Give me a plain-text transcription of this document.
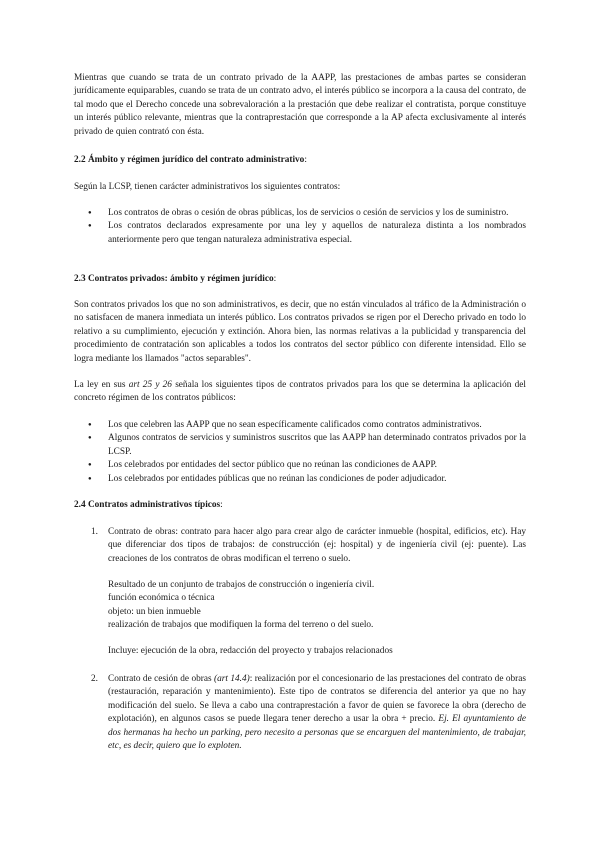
Mientras que cuando se trata de un contrato privado de la AAPP, las prestaciones de ambas partes se consideran jurídicamente equiparables, cuando se trata de un contrato advo, el interés público se incorpora a la causa del contrato, de tal modo que el Derecho concede una sobrevaloración a la prestación que debe realizar el contratista, porque constituye un interés público relevante, mientras que la contraprestación que corresponde a la AP afecta exclusivamente al interés privado de quien contrató con ésta.

2.2 Ámbito y régimen jurídico del contrato administrativo:

Según la LCSP, tienen carácter administrativos los siguientes contratos:

● Los contratos de obras o cesión de obras públicas, los de servicios o cesión de servicios y los de suministro.
● Los contratos declarados expresamente por una ley y aquellos de naturaleza distinta a los nombrados anteriormente pero que tengan naturaleza administrativa especial.

2.3 Contratos privados: ámbito y régimen jurídico:

Son contratos privados los que no son administrativos, es decir, que no están vinculados al tráfico de la Administración o no satisfacen de manera inmediata un interés público. Los contratos privados se rigen por el Derecho privado en todo lo relativo a su cumplimiento, ejecución y extinción. Ahora bien, las normas relativas a la publicidad y transparencia del procedimiento de contratación son aplicables a todos los contratos del sector público con diferente intensidad. Ello se logra mediante los llamados "actos separables".

La ley en sus art 25 y 26 señala los siguientes tipos de contratos privados para los que se determina la aplicación del concreto régimen de los contratos públicos:

● Los que celebren las AAPP que no sean específicamente calificados como contratos administrativos.
● Algunos contratos de servicios y suministros suscritos que las AAPP han determinado contratos privados por la LCSP.
● Los celebrados por entidades del sector público que no reúnan las condiciones de AAPP.
● Los celebrados por entidades públicas que no reúnan las condiciones de poder adjudicador.

2.4 Contratos administrativos típicos:

1. Contrato de obras: contrato para hacer algo para crear algo de carácter inmueble (hospital, edificios, etc). Hay que diferenciar dos tipos de trabajos: de construcción (ej: hospital) y de ingeniería civil (ej: puente). Las creaciones de los contratos de obras modifican el terreno o suelo.

Resultado de un conjunto de trabajos de construcción o ingeniería civil.
función económica o técnica
objeto: un bien inmueble
realización de trabajos que modifiquen la forma del terreno o del suelo.

Incluye: ejecución de la obra, redacción del proyecto y trabajos relacionados

2. Contrato de cesión de obras (art 14.4): realización por el concesionario de las prestaciones del contrato de obras (restauración, reparación y mantenimiento). Este tipo de contratos se diferencia del anterior ya que no hay modificación del suelo. Se lleva a cabo una contraprestación a favor de quien se favorece la obra (derecho de explotación), en algunos casos se puede llegara tener derecho a usar la obra + precio. Ej. El ayuntamiento de dos hermanas ha hecho un parking, pero necesito a personas que se encarguen del mantenimiento, de trabajar, etc, es decir, quiero que lo exploten.
